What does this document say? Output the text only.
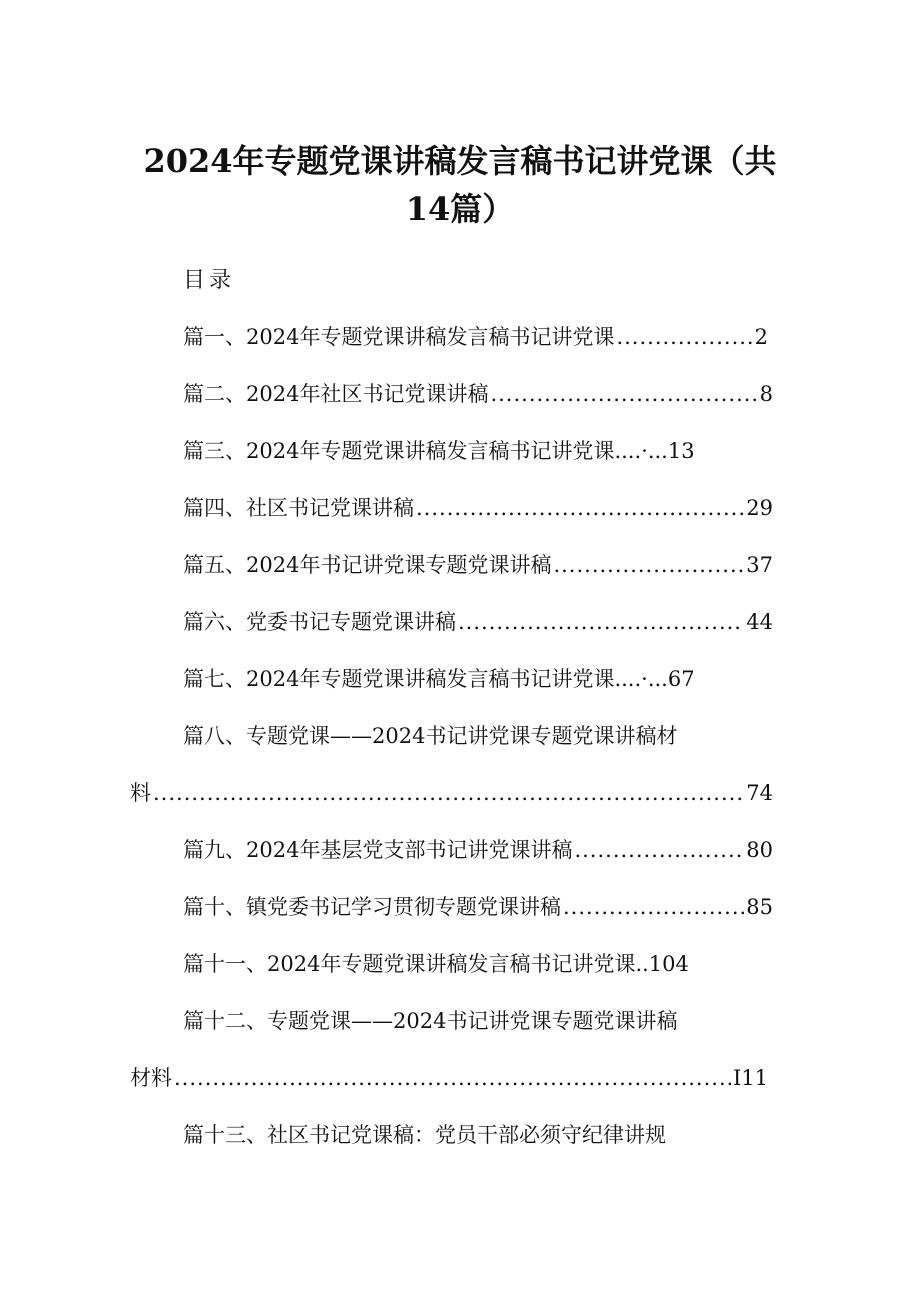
2024年专题党课讲稿发言稿书记讲党课（共
14篇）
目录
篇一、2024年专题党课讲稿发言稿书记讲党课 .....	2
篇二、2024年社区书记党课讲稿 .....	8
篇三、2024年专题党课讲稿发言稿书记讲党课....·...13
篇四、社区书记党课讲稿 .....	29
篇五、2024年书记讲党课专题党课讲稿 .....	37
篇六、党委书记专题党课讲稿 .....	44
篇七、2024年专题党课讲稿发言稿书记讲党课....·...67
篇八、专题党课——2024书记讲党课专题党课讲稿材
料 .....	74
篇九、2024年基层党支部书记讲党课讲稿 .....	80
篇十、镇党委书记学习贯彻专题党课讲稿 .....	85
篇十一、2024年专题党课讲稿发言稿书记讲党课..104
篇十二、专题党课——2024书记讲党课专题党课讲稿
材料 .....	I11
篇十三、社区书记党课稿：党员干部必须守纪律讲规
